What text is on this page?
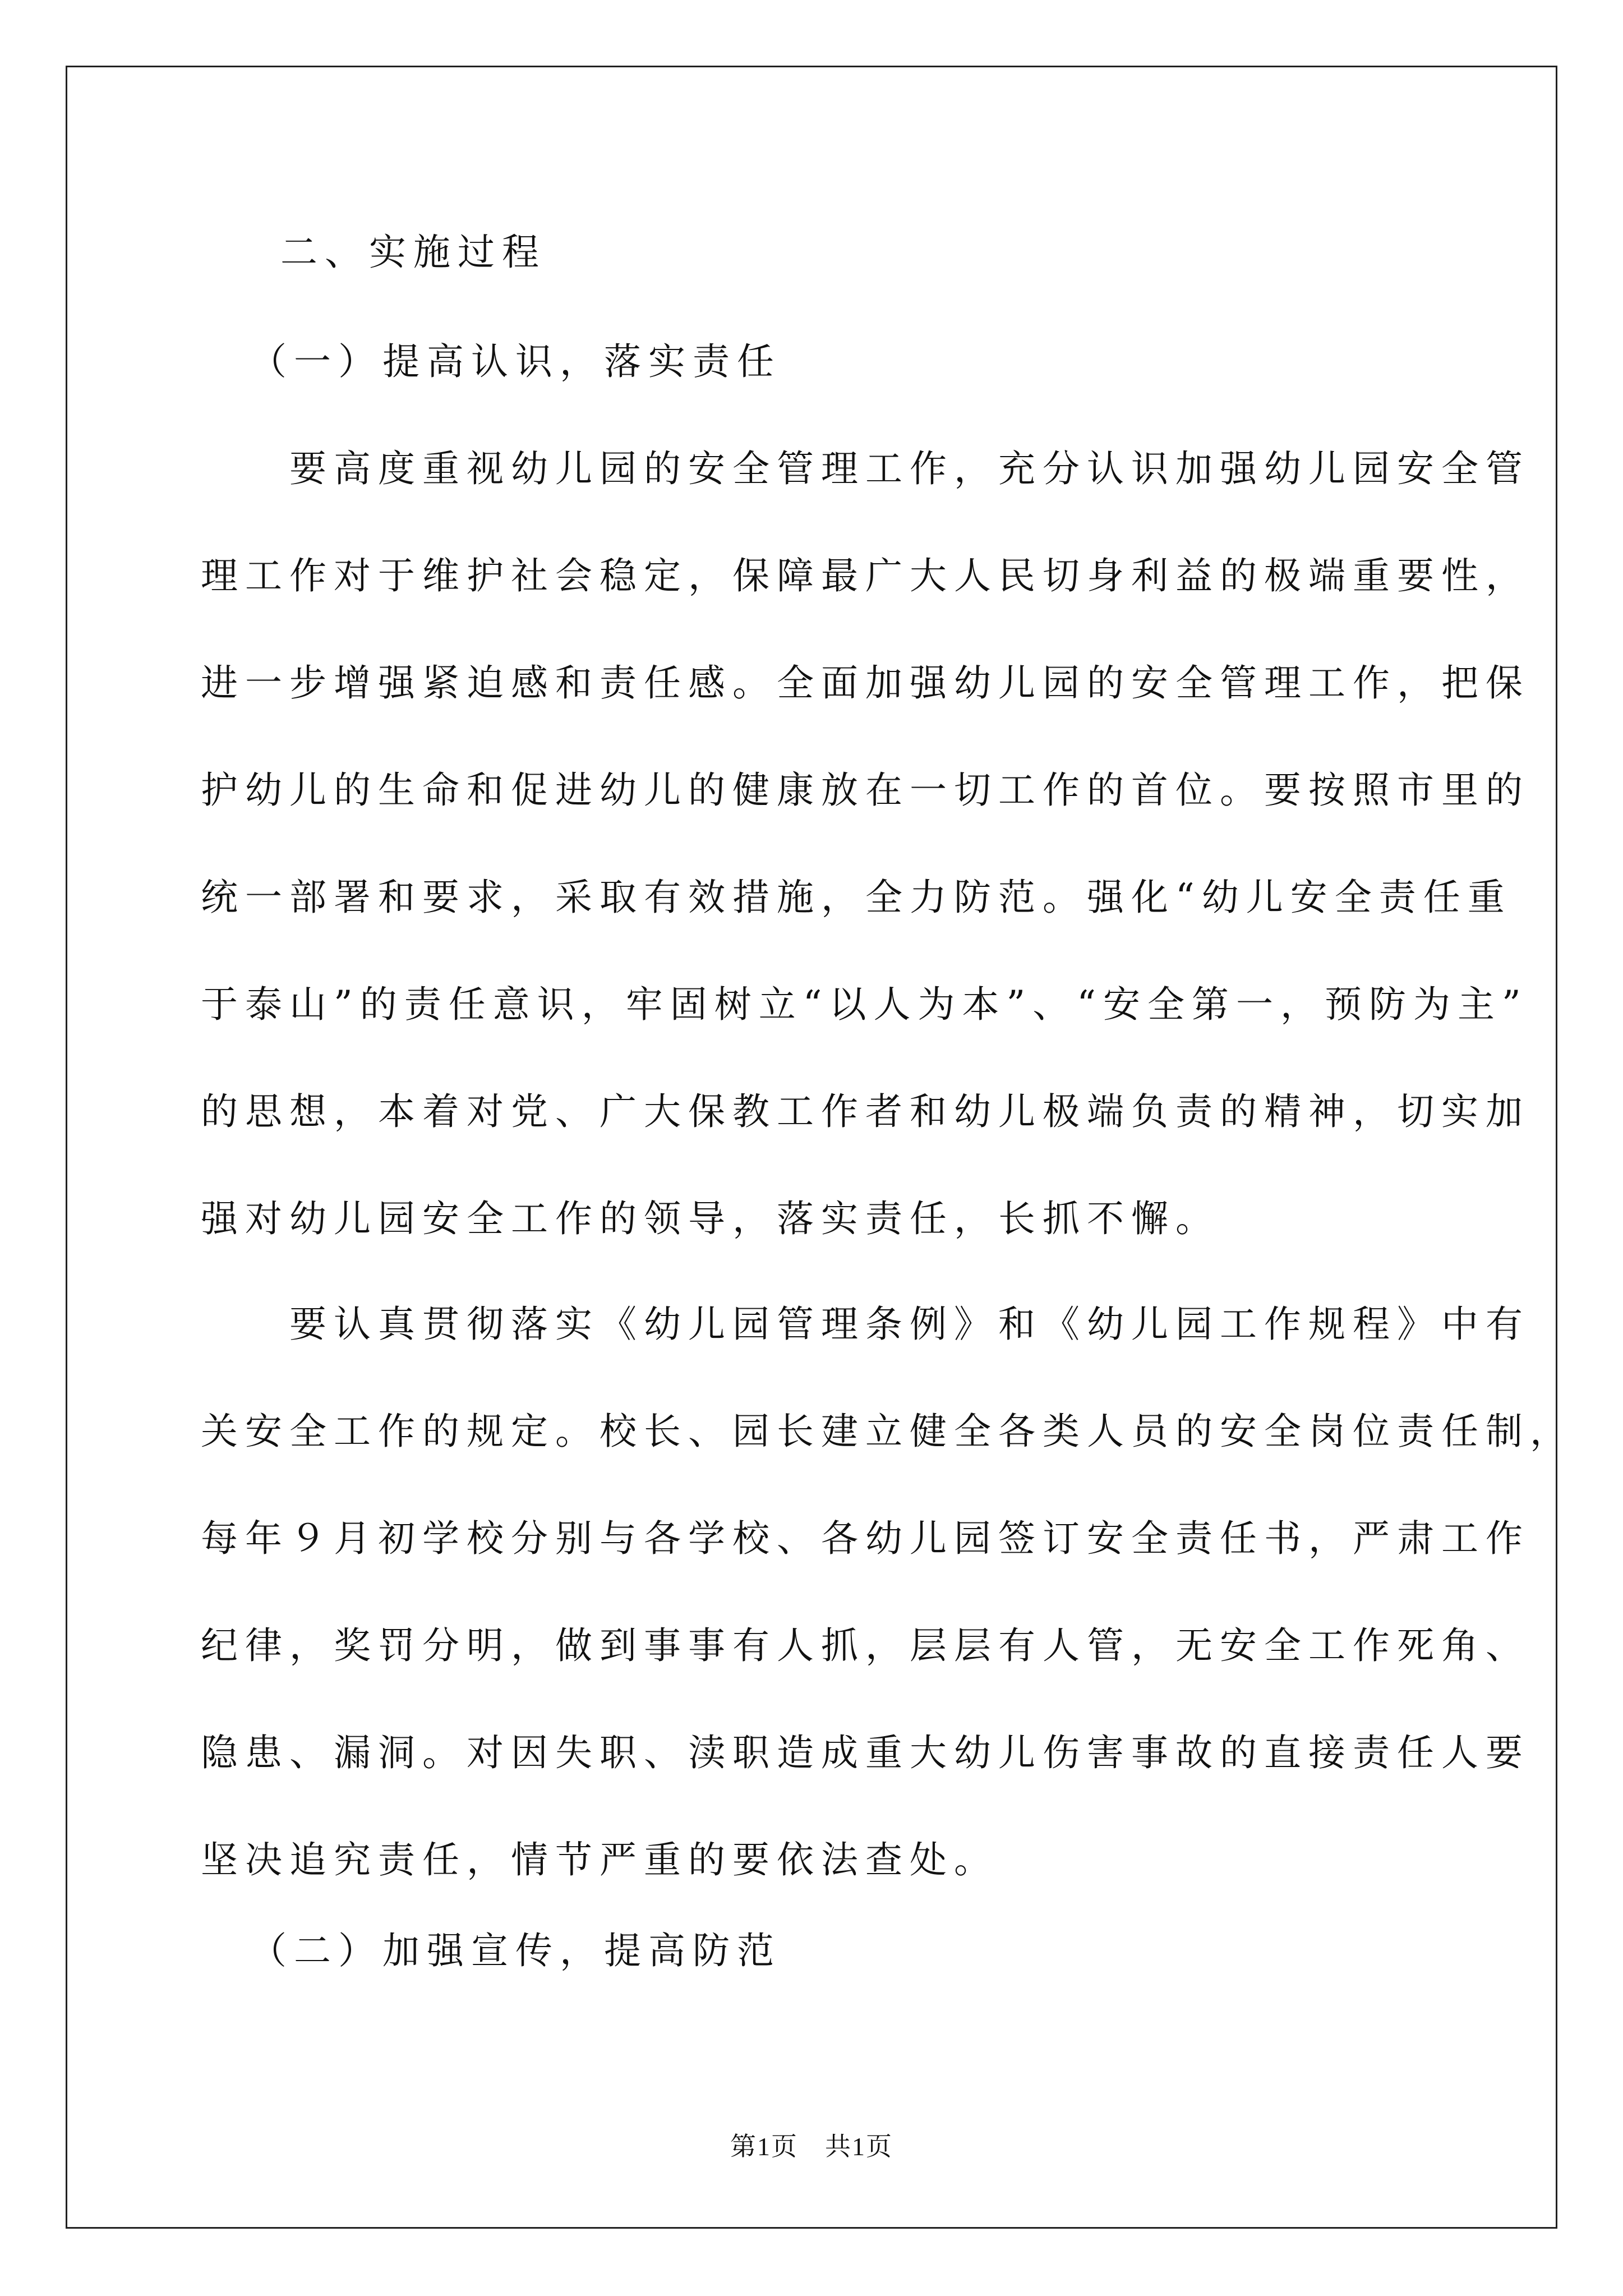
二、实施过程
（一）提高认识，落实责任
　　要高度重视幼儿园的安全管理工作，充分认识加强幼儿园安全管
理工作对于维护社会稳定，保障最广大人民切身利益的极端重要性，
进一步增强紧迫感和责任感。全面加强幼儿园的安全管理工作，把保
护幼儿的生命和促进幼儿的健康放在一切工作的首位。要按照市里的
统一部署和要求，采取有效措施，全力防范。强化“幼儿安全责任重
于泰山”的责任意识，牢固树立“以人为本”、“安全第一，预防为主”
的思想，本着对党、广大保教工作者和幼儿极端负责的精神，切实加
强对幼儿园安全工作的领导，落实责任，长抓不懈。
　　要认真贯彻落实《幼儿园管理条例》和《幼儿园工作规程》中有
关安全工作的规定。校长、园长建立健全各类人员的安全岗位责任制，
每年９月初学校分别与各学校、各幼儿园签订安全责任书，严肃工作
纪律，奖罚分明，做到事事有人抓，层层有人管，无安全工作死角、
隐患、漏洞。对因失职、渎职造成重大幼儿伤害事故的直接责任人要
坚决追究责任，情节严重的要依法查处。
（二）加强宣传，提高防范
第1页　共1页
